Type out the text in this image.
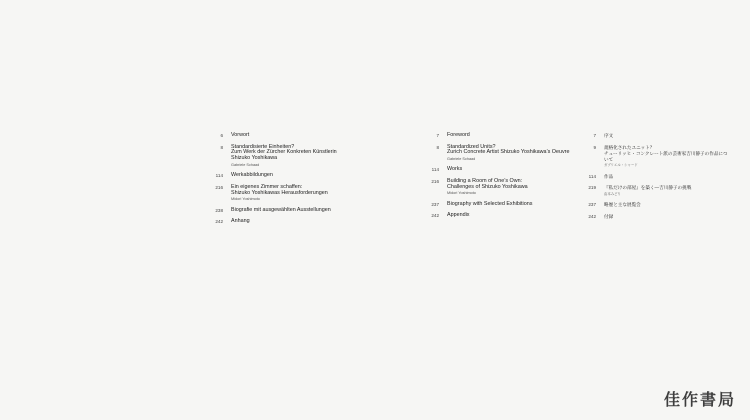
6 Vorwort
8 Standardisierte Einheiten?
Zum Werk der Zürcher Konkreten Künstlerin
Shizuko Yoshikawa
Gabriele Schaad
114 Werkabbildungen
216 Ein eigenes Zimmer schaffen:
Shizuko Yoshikawas Herausforderungen
Midori Yoshimoto
238 Biografie mit ausgewählten Ausstellungen
242 Anhang
7 Foreword
8 Standardized Units?
Zurich Concrete Artist Shizuko Yoshikawa’s Oeuvre
Gabriele Schaad
114 Works
216 Building a Room of One’s Own:
Challenges of Shizuko Yoshikawa
Midori Yoshimoto
237 Biography with Selected Exhibitions
242 Appendix
7 序文
9 規格化されたユニット？
チューリッヒ・コンクレート派の芸術家吉川静子の作品について
ガブリエル・シャード
114 作品
219 『私だけの部屋』を築く—吉川静子の挑戦
由本みどり
237 略歴と主な展覧会
242 付録
佳作書局
